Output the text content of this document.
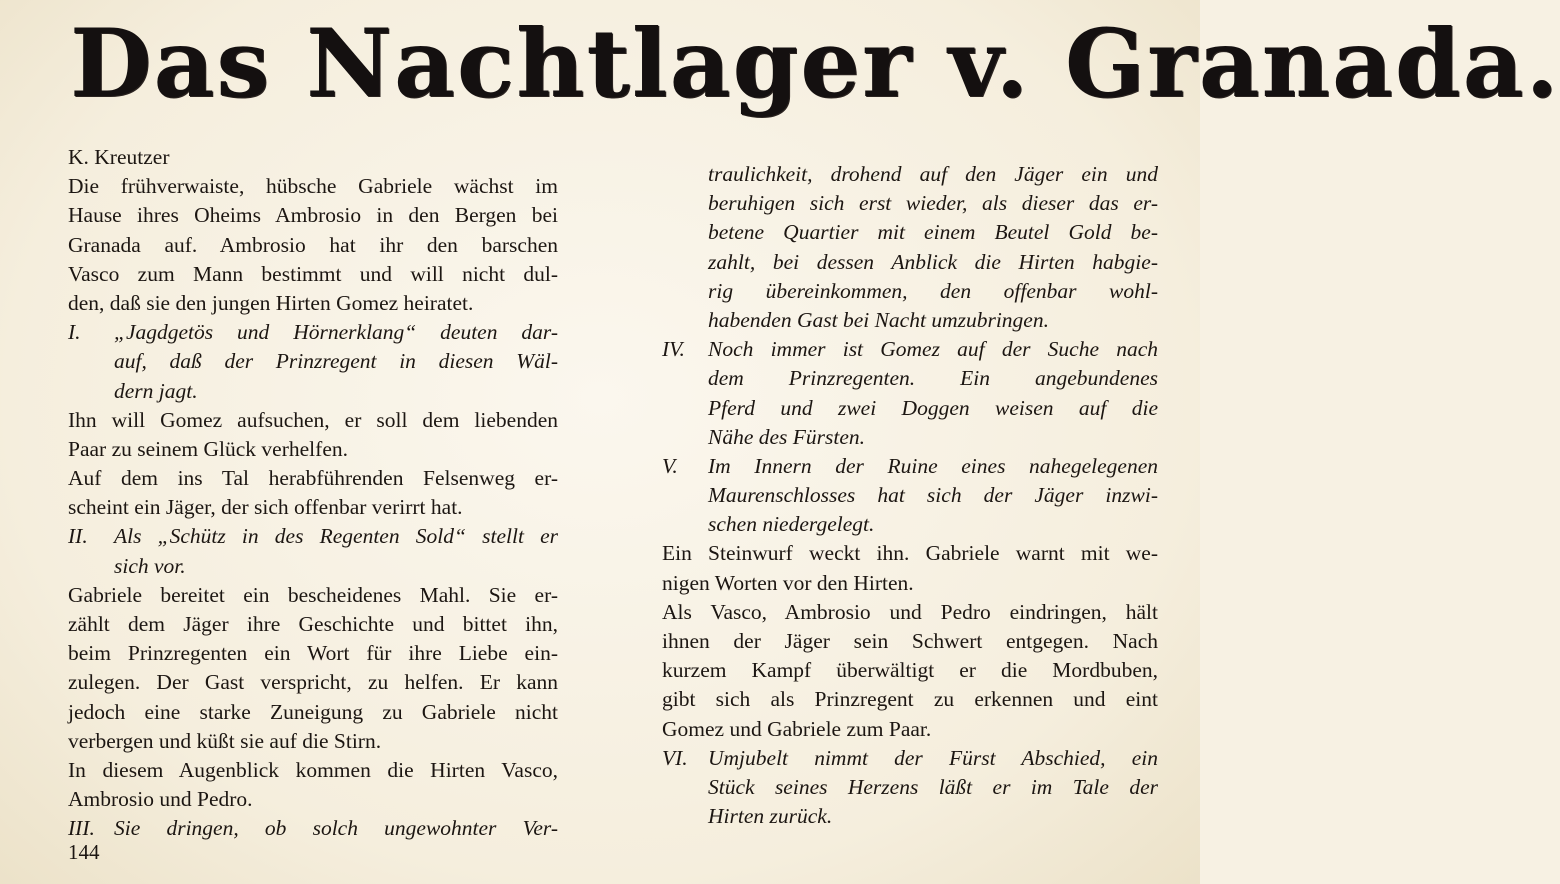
Das Nachtlager v. Granada.
K. Kreutzer
Die frühverwaiste, hübsche Gabriele wächst im
Hause ihres Oheims Ambrosio in den Bergen bei
Granada auf. Ambrosio hat ihr den barschen
Vasco zum Mann bestimmt und will nicht dul-
den, daß sie den jungen Hirten Gomez heiratet.
I. „Jagdgetös und Hörnerklang“ deuten dar-
auf, daß der Prinzregent in diesen Wäl-
dern jagt.
Ihn will Gomez aufsuchen, er soll dem liebenden
Paar zu seinem Glück verhelfen.
Auf dem ins Tal herabführenden Felsenweg er-
scheint ein Jäger, der sich offenbar verirrt hat.
II. Als „Schütz in des Regenten Sold“ stellt er
sich vor.
Gabriele bereitet ein bescheidenes Mahl. Sie er-
zählt dem Jäger ihre Geschichte und bittet ihn,
beim Prinzregenten ein Wort für ihre Liebe ein-
zulegen. Der Gast verspricht, zu helfen. Er kann
jedoch eine starke Zuneigung zu Gabriele nicht
verbergen und küßt sie auf die Stirn.
In diesem Augenblick kommen die Hirten Vasco,
Ambrosio und Pedro.
III. Sie dringen, ob solch ungewohnter Ver-
traulichkeit, drohend auf den Jäger ein und
beruhigen sich erst wieder, als dieser das er-
betene Quartier mit einem Beutel Gold be-
zahlt, bei dessen Anblick die Hirten habgie-
rig übereinkommen, den offenbar wohl-
habenden Gast bei Nacht umzubringen.
IV. Noch immer ist Gomez auf der Suche nach
dem Prinzregenten. Ein angebundenes
Pferd und zwei Doggen weisen auf die
Nähe des Fürsten.
V. Im Innern der Ruine eines nahegelegenen
Maurenschlosses hat sich der Jäger inzwi-
schen niedergelegt.
Ein Steinwurf weckt ihn. Gabriele warnt mit we-
nigen Worten vor den Hirten.
Als Vasco, Ambrosio und Pedro eindringen, hält
ihnen der Jäger sein Schwert entgegen. Nach
kurzem Kampf überwältigt er die Mordbuben,
gibt sich als Prinzregent zu erkennen und eint
Gomez und Gabriele zum Paar.
VI. Umjubelt nimmt der Fürst Abschied, ein
Stück seines Herzens läßt er im Tale der
Hirten zurück.
144
